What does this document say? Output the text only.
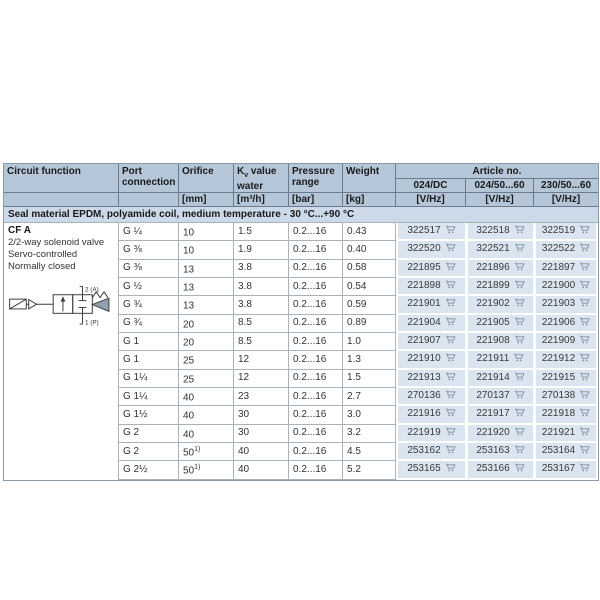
Circuit function	Port connection	Orifice	$K_v$ value water	Pressure range	Weight	Article no.		
						024/DC	024/50...60	230/50...60
		[mm]	[m³/h]	[bar]	[kg]	[V/Hz]	[V/Hz]	[V/Hz]
Seal material EPDM, polyamide coil, medium temperature - 30 °C...+90 °C								

CF A
2/2-way solenoid valve
Servo-controlled
Normally closed
2 (A)
1 (P)
	G ¼	10	1.5	0.2...16	0.43	322517	322518	322519
	G ⅜	10	1.9	0.2...16	0.40	322520	322521	322522
	G ⅜	13	3.8	0.2...16	0.58	221895	221896	221897
	G ½	13	3.8	0.2...16	0.54	221898	221899	221900
	G ¾	13	3.8	0.2...16	0.59	221901	221902	221903
	G ¾	20	8.5	0.2...16	0.89	221904	221905	221906
	G 1	20	8.5	0.2...16	1.0	221907	221908	221909
	G 1	25	12	0.2...16	1.3	221910	221911	221912
	G 1¼	25	12	0.2...16	1.5	221913	221914	221915
	G 1¼	40	23	0.2...16	2.7	270136	270137	270138
	G 1½	40	30	0.2...16	3.0	221916	221917	221918
	G 2	40	30	0.2...16	3.2	221919	221920	221921
	G 2	50$^{1)}$	40	0.2...16	4.5	253162	253163	253164
	G 2½	50$^{1)}$	40	0.2...16	5.2	253165	253166	253167
